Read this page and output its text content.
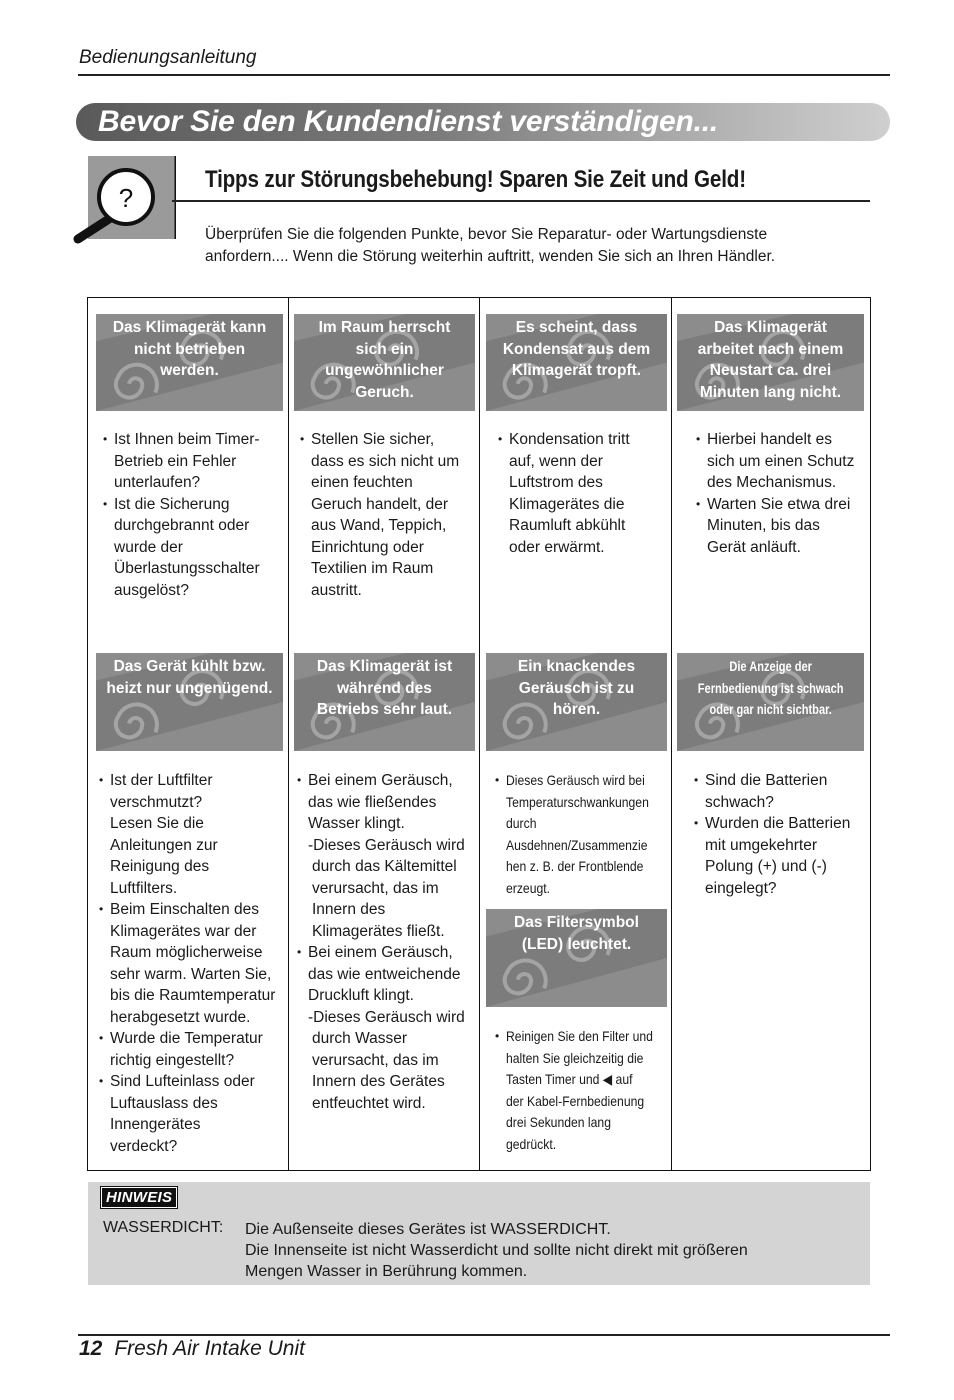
Bedienungsanleitung
Bevor Sie den Kundendienst verständigen...
?
Tipps zur Störungsbehebung! Sparen Sie Zeit und Geld!
Überprüfen Sie die folgenden Punkte, bevor Sie Reparatur- oder Wartungsdienste
anfordern.... Wenn die Störung weiterhin auftritt, wenden Sie sich an Ihren Händler.
Das Klimagerät kann
nicht betrieben
werden.
Im Raum herrscht
sich ein
ungewöhnlicher
Geruch.
Es scheint, dass
Kondensat aus dem
Klimagerät tropft.
Das Klimagerät
arbeitet nach einem
Neustart ca. drei
Minuten lang nicht.
Das Gerät kühlt bzw.
heizt nur ungenügend.
Das Klimagerät ist
während des
Betriebs sehr laut.
Ein knackendes
Geräusch ist zu
hören.
Die Anzeige der
Fernbedienung ist schwach
oder gar nicht sichtbar.
Das Filtersymbol
(LED) leuchtet.
• Ist Ihnen beim Timer-
Betrieb ein Fehler
unterlaufen?
• Ist die Sicherung
durchgebrannt oder
wurde der
Überlastungsschalter
ausgelöst?
• Stellen Sie sicher,
dass es sich nicht um
einen feuchten
Geruch handelt, der
aus Wand, Teppich,
Einrichtung oder
Textilien im Raum
austritt.
• Kondensation tritt
auf, wenn der
Luftstrom des
Klimagerätes die
Raumluft abkühlt
oder erwärmt.
• Hierbei handelt es
sich um einen Schutz
des Mechanismus.
• Warten Sie etwa drei
Minuten, bis das
Gerät anläuft.
• Ist der Luftfilter verschmutzt?
Lesen Sie die
Anleitungen zur
Reinigung des
Luftfilters.
• Beim Einschalten des
Klimagerätes war der
Raum möglicherweise
sehr warm. Warten Sie,
bis die Raumtemperatur
herabgesetzt wurde.
• Wurde die Temperatur
richtig eingestellt?
• Sind Lufteinlass oder
Luftauslass des
Innengerätes
verdeckt?
• Bei einem Geräusch,
das wie fließendes
Wasser klingt.
-Dieses Geräusch wird
durch das Kältemittel
verursacht, das im
Innern des
Klimagerätes fließt.
• Bei einem Geräusch,
das wie entweichende
Druckluft klingt.
-Dieses Geräusch wird
durch Wasser
verursacht, das im
Innern des Gerätes
entfeuchtet wird.
• Dieses Geräusch wird bei
Temperaturschwankungen
durch
Ausdehnen/Zusammenzie
hen z. B. der Frontblende
erzeugt.
• Sind die Batterien
schwach?
• Wurden die Batterien
mit umgekehrter
Polung (+) und (-)
eingelegt?
• Reinigen Sie den Filter und
halten Sie gleichzeitig die
Tasten Timer und ◀ auf
der Kabel-Fernbedienung
drei Sekunden lang
gedrückt.
HINWEIS
WASSERDICHT: Die Außenseite dieses Gerätes ist WASSERDICHT.
Die Innenseite ist nicht Wasserdicht und sollte nicht direkt mit größeren
Mengen Wasser in Berührung kommen.
12 Fresh Air Intake Unit
